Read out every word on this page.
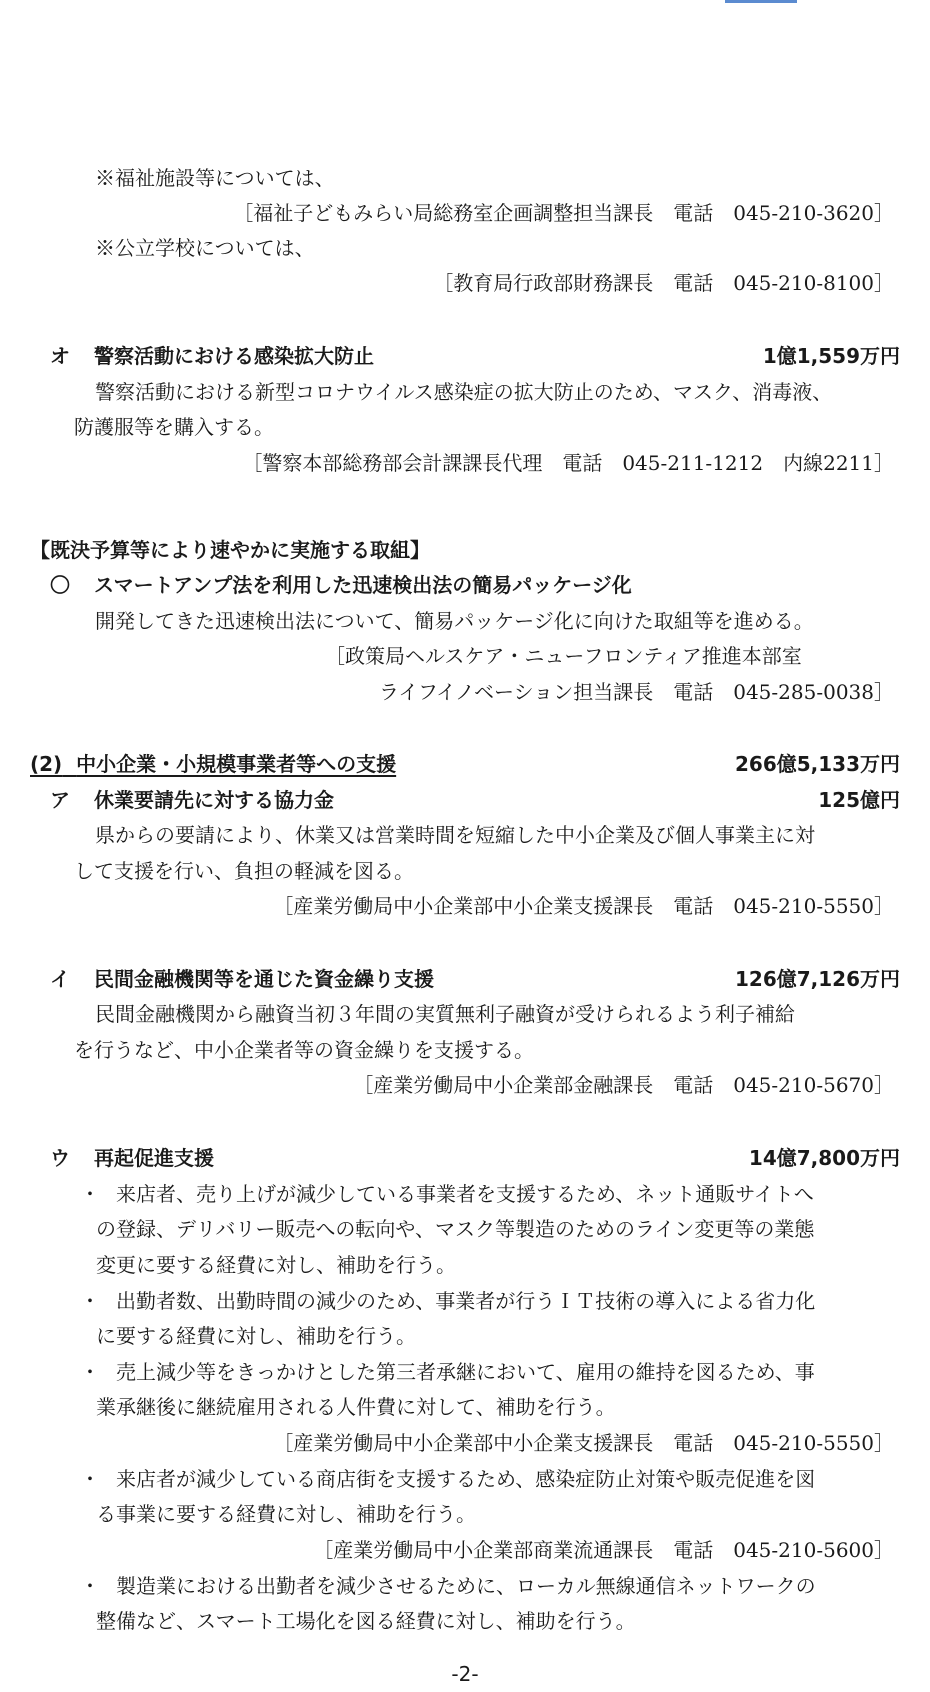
※福祉施設等については、
［福祉子どもみらい局総務室企画調整担当課長　電話　045-210-3620］
※公立学校については、
［教育局行政部財務課長　電話　045-210-8100］
オ 警察活動における感染拡大防止	1億1,559万円
警察活動における新型コロナウイルス感染症の拡大防止のため、マスク、消毒液、
防護服等を購入する。
［警察本部総務部会計課課長代理　電話　045-211-1212　内線2211］
【既決予算等により速やかに実施する取組】
〇 スマートアンプ法を利用した迅速検出法の簡易パッケージ化
開発してきた迅速検出法について、簡易パッケージ化に向けた取組等を進める。
［政策局ヘルスケア・ニューフロンティア推進本部室
ライフイノベーション担当課長　電話　045-285-0038］
(2) 中小企業・小規模事業者等への支援	266億5,133万円
ア 休業要請先に対する協力金	125億円
県からの要請により、休業又は営業時間を短縮した中小企業及び個人事業主に対
して支援を行い、負担の軽減を図る。
［産業労働局中小企業部中小企業支援課長　電話　045-210-5550］
イ 民間金融機関等を通じた資金繰り支援	126億7,126万円
民間金融機関から融資当初３年間の実質無利子融資が受けられるよう利子補給
を行うなど、中小企業者等の資金繰りを支援する。
［産業労働局中小企業部金融課長　電話　045-210-5670］
ウ 再起促進支援	14億7,800万円
・
　来店者、売り上げが減少している事業者を支援するため、ネット通販サイトへ
の登録、デリバリー販売への転向や、マスク等製造のためのライン変更等の業態
変更に要する経費に対し、補助を行う。
・
　出勤者数、出勤時間の減少のため、事業者が行うＩＴ技術の導入による省力化
に要する経費に対し、補助を行う。
・
　売上減少等をきっかけとした第三者承継において、雇用の維持を図るため、事
業承継後に継続雇用される人件費に対して、補助を行う。
［産業労働局中小企業部中小企業支援課長　電話　045-210-5550］
・
　来店者が減少している商店街を支援するため、感染症防止対策や販売促進を図
る事業に要する経費に対し、補助を行う。
［産業労働局中小企業部商業流通課長　電話　045-210-5600］
・
　製造業における出勤者を減少させるために、ローカル無線通信ネットワークの
整備など、スマート工場化を図る経費に対し、補助を行う。
-2-
